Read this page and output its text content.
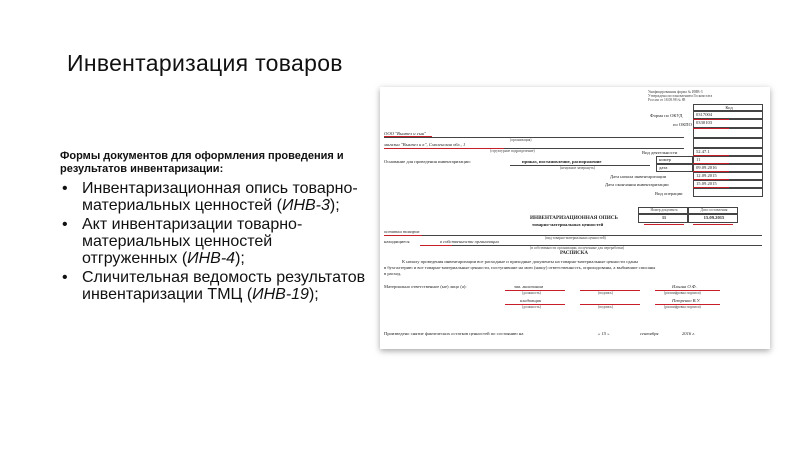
Инвентаризация товаров
Формы документов для оформления проведения и результатов инвентаризации:
• Инвентаризационная опись товарно-материальных ценностей (ИНВ-3);
• Акт инвентаризации товарно-материальных ценностей отгруженных (ИНВ-4);
• Сличительная ведомость результатов инвентаризации ТМЦ (ИНВ-19);
Унифицированная форма № ИНВ-3
Утверждена постановлением Госкомстата
России от 18.08.98 № 88
Код
Форма по ОКУД	0317004
по ОКПО 0330103
ООО "Вымпел и сын"
(организация)
магазин "Вымпел и к", Смоленская обл., 1
(структурное подразделение)	Вид деятельности	52.47.1
Основание для проведения инвентаризации:	приказ, постановление, распоряжение
(ненужное зачеркнуть)
номер	11
дата	09.09.2016
Дата начала инвентаризации	12.09.2015
Дата окончания инвентаризации	15.09.2015
Вид операции
Номер документа	Дата составления
11	15.09.2015
ИНВЕНТАРИЗАЦИОННАЯ ОПИСЬ
товарно-материальных ценностей
остатки товаров
(вид товарно-материальных ценностей)
находящиеся	в собственности организации
(в собственности организации, полученные для переработки)
РАСПИСКА
К началу проведения инвентаризации все расходные и приходные документы на товарно-материальные ценности сданы
в бухгалтерию и все товарно-материальные ценности, поступившие на мою (нашу) ответственность, оприходованы, а выбывшие списаны
в расход.
Материально ответственное (ые) лицо (а):	зав. магазином	Ильина О.Ф.
(должность)	(подпись)	(расшифровка подписи)
кладовщик	Петренко В.У.
(должность)	(подпись)	(расшифровка подписи)
Произведено снятие фактических остатков ценностей по состоянию на	« 15 »	сентября	2016 г.
